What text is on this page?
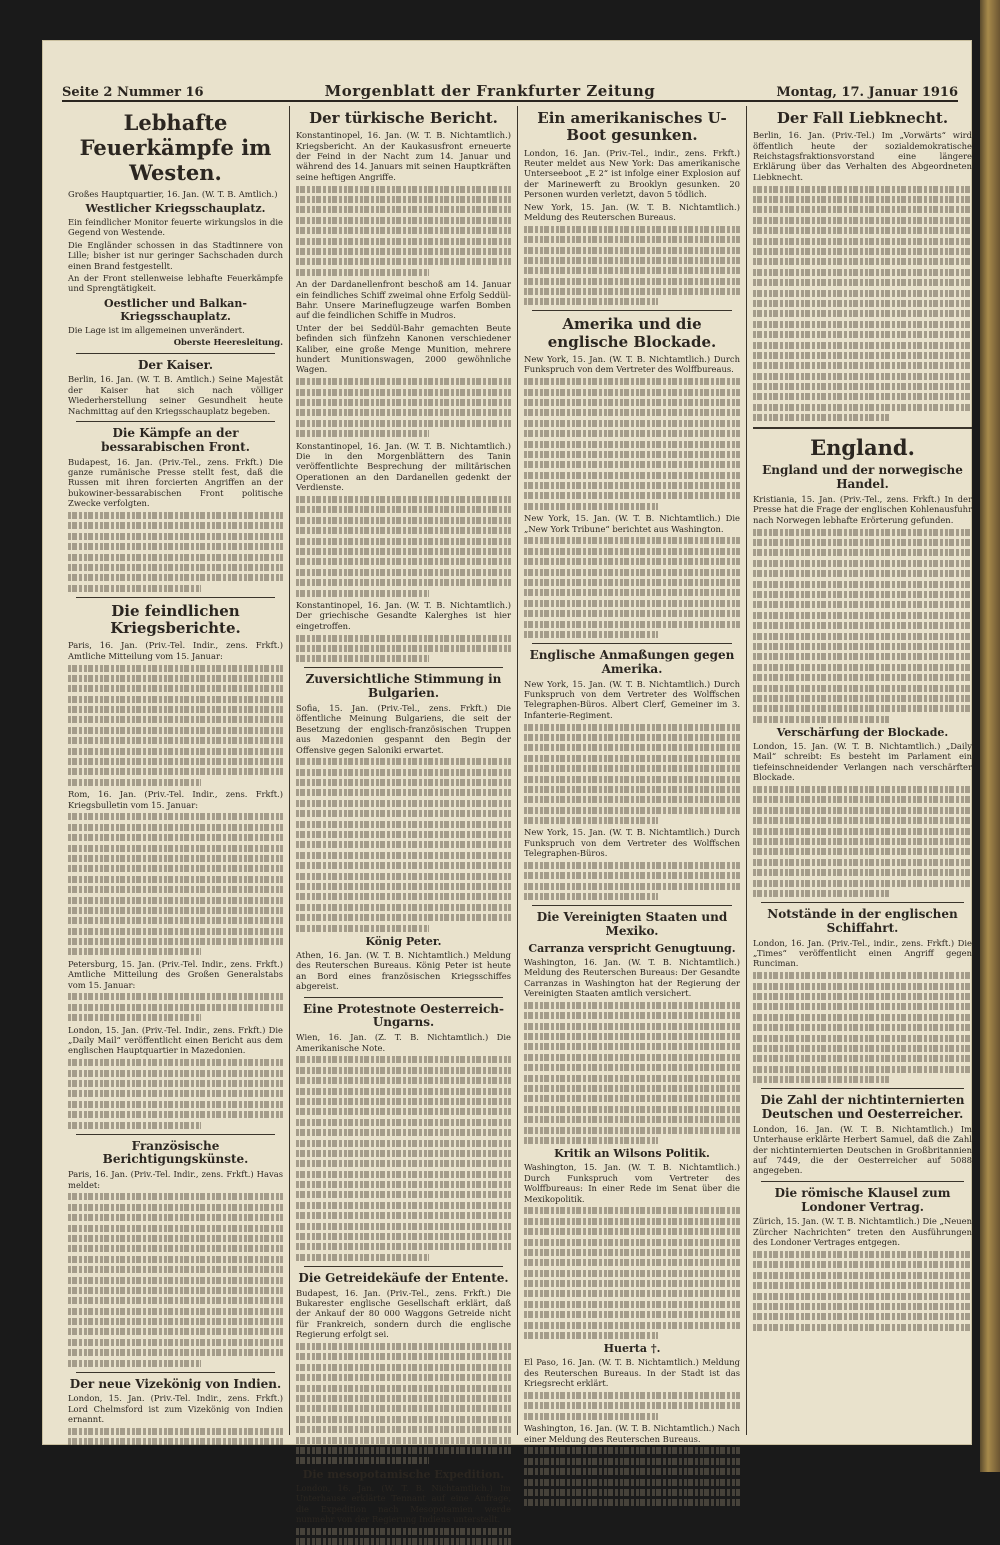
Seite 2 Nummer 16	Morgenblatt der Frankfurter Zeitung	Montag, 17. Januar 1916
Lebhafte Feuerkämpfe im Westen.

Großes Hauptquartier, 16. Jan. (W. T. B. Amtlich.)

Westlicher Kriegsschauplatz.

Ein feindlicher Monitor feuerte wirkungslos in die Gegend von Westende.

Die Engländer schossen in das Stadtinnere von Lille; bisher ist nur geringer Sachschaden durch einen Brand festgestellt.

An der Front stellenweise lebhafte Feuerkämpfe und Sprengtätigkeit.

Oestlicher und Balkan-Kriegsschauplatz.

Die Lage ist im allgemeinen unverändert.

Oberste Heeresleitung.

Der Kaiser.

Berlin, 16. Jan. (W. T. B. Amtlich.) Seine Majestät der Kaiser hat sich nach völliger Wiederherstellung seiner Gesundheit heute Nachmittag auf den Kriegsschauplatz begeben.

Die Kämpfe an der bessarabischen Front.

Budapest, 16. Jan. (Priv.-Tel., zens. Frkft.) Die ganze rumänische Presse stellt fest, daß die Russen mit ihren forcierten Angriffen an der bukowiner-bessarabischen Front politische Zwecke verfolgten.

Die feindlichen Kriegsberichte.

Paris, 16. Jan. (Priv.-Tel. Indir., zens. Frkft.) Amtliche Mitteilung vom 15. Januar:

Rom, 16. Jan. (Priv.-Tel. Indir., zens. Frkft.) Kriegsbulletin vom 15. Januar:

Petersburg, 15. Jan. (Priv.-Tel. Indir., zens. Frkft.) Amtliche Mitteilung des Großen Generalstabs vom 15. Januar:

London, 15. Jan. (Priv.-Tel. Indir., zens. Frkft.) Die „Daily Mail“ veröffentlicht einen Bericht aus dem englischen Hauptquartier in Mazedonien.

Französische Berichtigungskünste.

Paris, 16. Jan. (Priv.-Tel. Indir., zens. Frkft.) Havas meldet:

Der neue Vizekönig von Indien.

London, 15. Jan. (Priv.-Tel. Indir., zens. Frkft.) Lord Chelmsford ist zum Vizekönig von Indien ernannt.

Der türkische Bericht.

Konstantinopel, 16. Jan. (W. T. B. Nichtamtlich.) Kriegsbericht. An der Kaukasusfront erneuerte der Feind in der Nacht zum 14. Januar und während des 14. Januars mit seinen Hauptkräften seine heftigen Angriffe.

An der Dardanellenfront beschoß am 14. Januar ein feindliches Schiff zweimal ohne Erfolg Seddül-Bahr. Unsere Marineflugzeuge warfen Bomben auf die feindlichen Schiffe in Mudros.

Unter der bei Seddül-Bahr gemachten Beute befinden sich fünfzehn Kanonen verschiedener Kaliber, eine große Menge Munition, mehrere hundert Munitionswagen, 2000 gewöhnliche Wagen.

Konstantinopel, 16. Jan. (W. T. B. Nichtamtlich.) Die in den Morgenblättern des Tanin veröffentlichte Besprechung der militärischen Operationen an den Dardanellen gedenkt der Verdienste.

Konstantinopel, 16. Jan. (W. T. B. Nichtamtlich.) Der griechische Gesandte Kalerghes ist hier eingetroffen.

Zuversichtliche Stimmung in Bulgarien.

Sofia, 15. Jan. (Priv.-Tel., zens. Frkft.) Die öffentliche Meinung Bulgariens, die seit der Besetzung der englisch-französischen Truppen aus Mazedonien gespannt den Begin der Offensive gegen Saloniki erwartet.

König Peter.

Athen, 16. Jan. (W. T. B. Nichtamtlich.) Meldung des Reuterschen Bureaus. König Peter ist heute an Bord eines französischen Kriegsschiffes abgereist.

Eine Protestnote Oesterreich-Ungarns.

Wien, 16. Jan. (Z. T. B. Nichtamtlich.) Die Amerikanische Note.

Die Getreidekäufe der Entente.

Budapest, 16. Jan. (Priv.-Tel., zens. Frkft.) Die Bukarester englische Gesellschaft erklärt, daß der Ankauf der 80 000 Waggons Getreide nicht für Frankreich, sondern durch die englische Regierung erfolgt sei.

Die mesopotamische Expedition.

London, 16. Jan. (W. T. B. Nichtamtlich.) Im Unterhause erklärte Tennant auf eine Anfrage, die Expedition nach Mesopotamien werde nunmehr von der Regierung Indiens unterstellt.

Ein amerikanisches U-Boot gesunken.

London, 16. Jan. (Priv.-Tel., indir., zens. Frkft.) Reuter meldet aus New York: Das amerikanische Unterseeboot „E 2“ ist infolge einer Explosion auf der Marinewerft zu Brooklyn gesunken. 20 Personen wurden verletzt, davon 5 tödlich.

New York, 15. Jan. (W. T. B. Nichtamtlich.) Meldung des Reuterschen Bureaus.

Amerika und die englische Blockade.

New York, 15. Jan. (W. T. B. Nichtamtlich.) Durch Funkspruch von dem Vertreter des Wolffbureaus.

New York, 15. Jan. (W. T. B. Nichtamtlich.) Die „New York Tribune“ berichtet aus Washington.

Englische Anmaßungen gegen Amerika.

New York, 15. Jan. (W. T. B. Nichtamtlich.) Durch Funkspruch von dem Vertreter des Wolffschen Telegraphen-Büros. Albert Clerf, Gemeiner im 3. Infanterie-Regiment.

New York, 15. Jan. (W. T. B. Nichtamtlich.) Durch Funkspruch von dem Vertreter des Wolffschen Telegraphen-Büros.

Die Vereinigten Staaten und Mexiko.
Carranza verspricht Genugtuung.

Washington, 16. Jan. (W. T. B. Nichtamtlich.) Meldung des Reuterschen Bureaus: Der Gesandte Carranzas in Washington hat der Regierung der Vereinigten Staaten amtlich versichert.

Kritik an Wilsons Politik.

Washington, 15. Jan. (W. T. B. Nichtamtlich.) Durch Funkspruch vom Vertreter des Wolffbureaus: In einer Rede im Senat über die Mexikopolitik.

Huerta †.

El Paso, 16. Jan. (W. T. B. Nichtamtlich.) Meldung des Reuterschen Bureaus. In der Stadt ist das Kriegsrecht erklärt.

Washington, 16. Jan. (W. T. B. Nichtamtlich.) Nach einer Meldung des Reuterschen Bureaus.

Der Fall Liebknecht.

Berlin, 16. Jan. (Priv.-Tel.) Im „Vorwärts“ wird öffentlich heute der sozialdemokratische Reichstagsfraktionsvorstand eine längere Erklärung über das Verhalten des Abgeordneten Liebknecht.

England.
England und der norwegische Handel.

Kristiania, 15. Jan. (Priv.-Tel., zens. Frkft.) In der Presse hat die Frage der englischen Kohlenausfuhr nach Norwegen lebhafte Erörterung gefunden.

Verschärfung der Blockade.

London, 15. Jan. (W. T. B. Nichtamtlich.) „Daily Mail“ schreibt: Es besteht im Parlament ein tiefeinschneidender Verlangen nach verschärfter Blockade.

Notstände in der englischen Schiffahrt.

London, 16. Jan. (Priv.-Tel., indir., zens. Frkft.) Die „Times“ veröffentlicht einen Angriff gegen Runciman.

Die Zahl der nichtinternierten Deutschen und Oesterreicher.

London, 16. Jan. (W. T. B. Nichtamtlich.) Im Unterhause erklärte Herbert Samuel, daß die Zahl der nichtinternierten Deutschen in Großbritannien auf 7449, die der Oesterreicher auf 5088 angegeben.

Die römische Klausel zum Londoner Vertrag.

Zürich, 15. Jan. (W. T. B. Nichtamtlich.) Die „Neuen Zürcher Nachrichten“ treten den Ausführungen des Londoner Vertrages entgegen.
